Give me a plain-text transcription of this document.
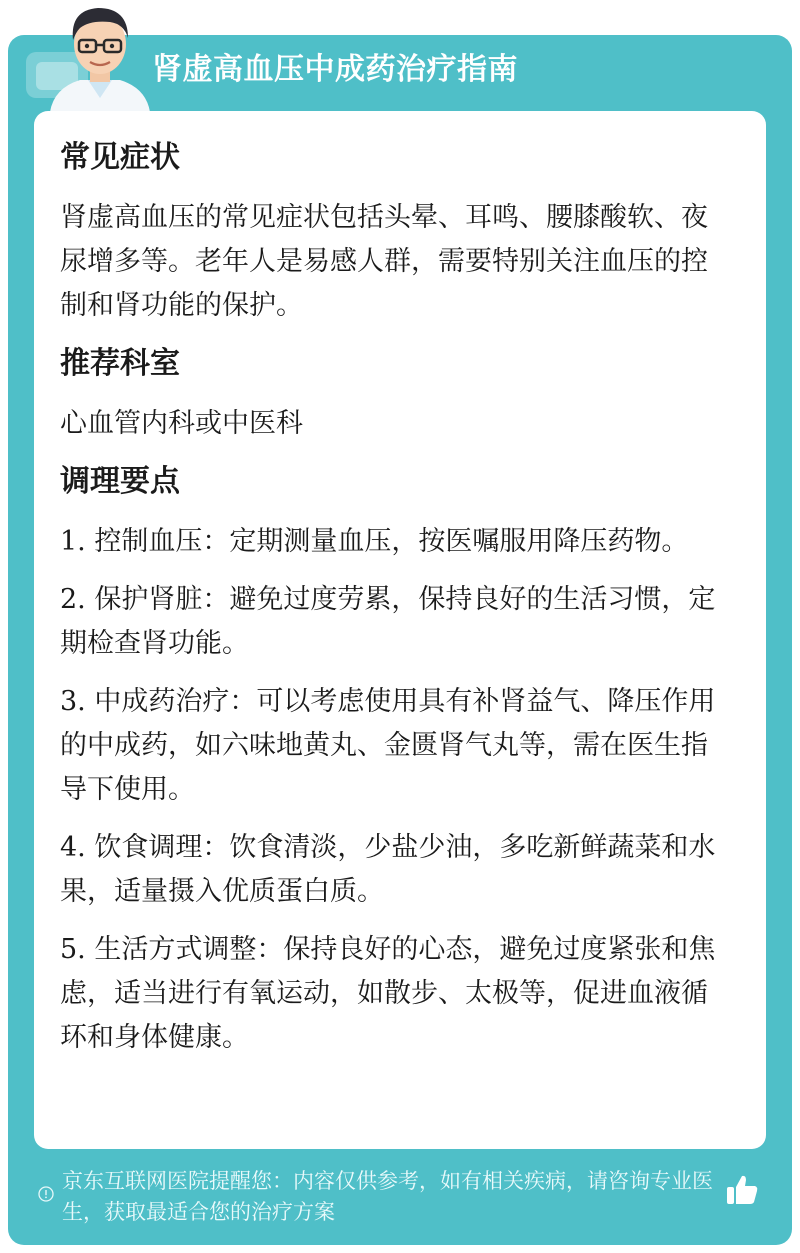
肾虚高血压中成药治疗指南
常见症状

肾虚高血压的常见症状包括头晕、耳鸣、腰膝酸软、夜尿增多等。老年人是易感人群，需要特别关注血压的控制和肾功能的保护。

推荐科室

心血管内科或中医科

调理要点

1. 控制血压：定期测量血压，按医嘱服用降压药物。

2. 保护肾脏：避免过度劳累，保持良好的生活习惯，定期检查肾功能。

3. 中成药治疗：可以考虑使用具有补肾益气、降压作用的中成药，如六味地黄丸、金匮肾气丸等，需在医生指导下使用。

4. 饮食调理：饮食清淡，少盐少油，多吃新鲜蔬菜和水果，适量摄入优质蛋白质。

5. 生活方式调整：保持良好的心态，避免过度紧张和焦虑，适当进行有氧运动，如散步、太极等，促进血液循环和身体健康。

京东互联网医院提醒您：内容仅供参考，如有相关疾病，请咨询专业医生，获取最适合您的治疗方案
